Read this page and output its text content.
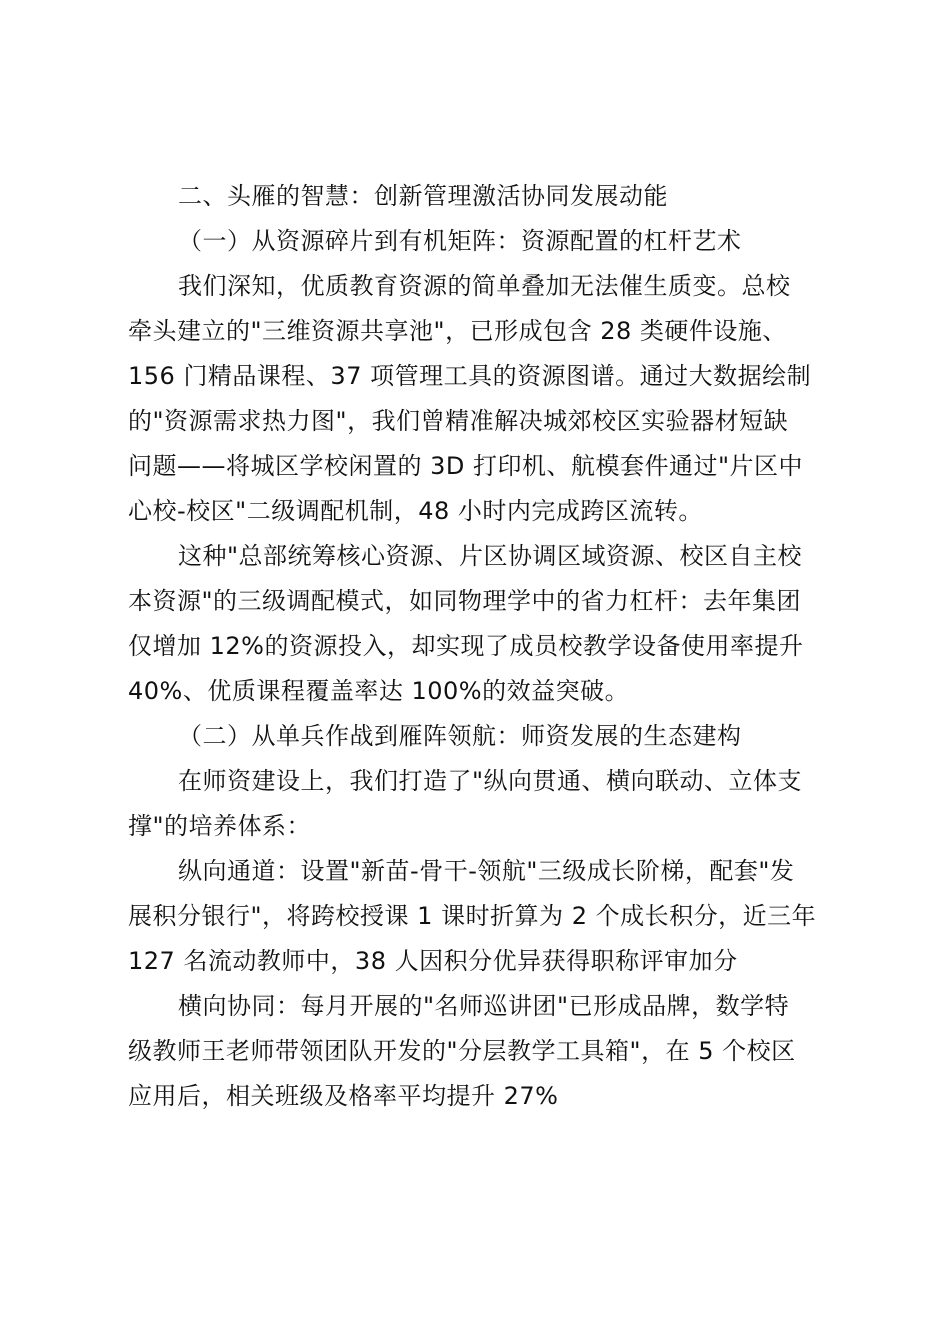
二、头雁的智慧：创新管理激活协同发展动能
（一）从资源碎片到有机矩阵：资源配置的杠杆艺术
我们深知，优质教育资源的简单叠加无法催生质变。总校
牵头建立的"三维资源共享池"，已形成包含 28 类硬件设施、
156 门精品课程、37 项管理工具的资源图谱。通过大数据绘制
的"资源需求热力图"，我们曾精准解决城郊校区实验器材短缺
问题——将城区学校闲置的 3D 打印机、航模套件通过"片区中
心校-校区"二级调配机制，48 小时内完成跨区流转。
这种"总部统筹核心资源、片区协调区域资源、校区自主校
本资源"的三级调配模式，如同物理学中的省力杠杆：去年集团
仅增加 12%的资源投入，却实现了成员校教学设备使用率提升
40%、优质课程覆盖率达 100%的效益突破。
（二）从单兵作战到雁阵领航：师资发展的生态建构
在师资建设上，我们打造了"纵向贯通、横向联动、立体支
撑"的培养体系：
纵向通道：设置"新苗-骨干-领航"三级成长阶梯，配套"发
展积分银行"，将跨校授课 1 课时折算为 2 个成长积分，近三年
127 名流动教师中，38 人因积分优异获得职称评审加分
横向协同：每月开展的"名师巡讲团"已形成品牌，数学特
级教师王老师带领团队开发的"分层教学工具箱"，在 5 个校区
应用后，相关班级及格率平均提升 27%
